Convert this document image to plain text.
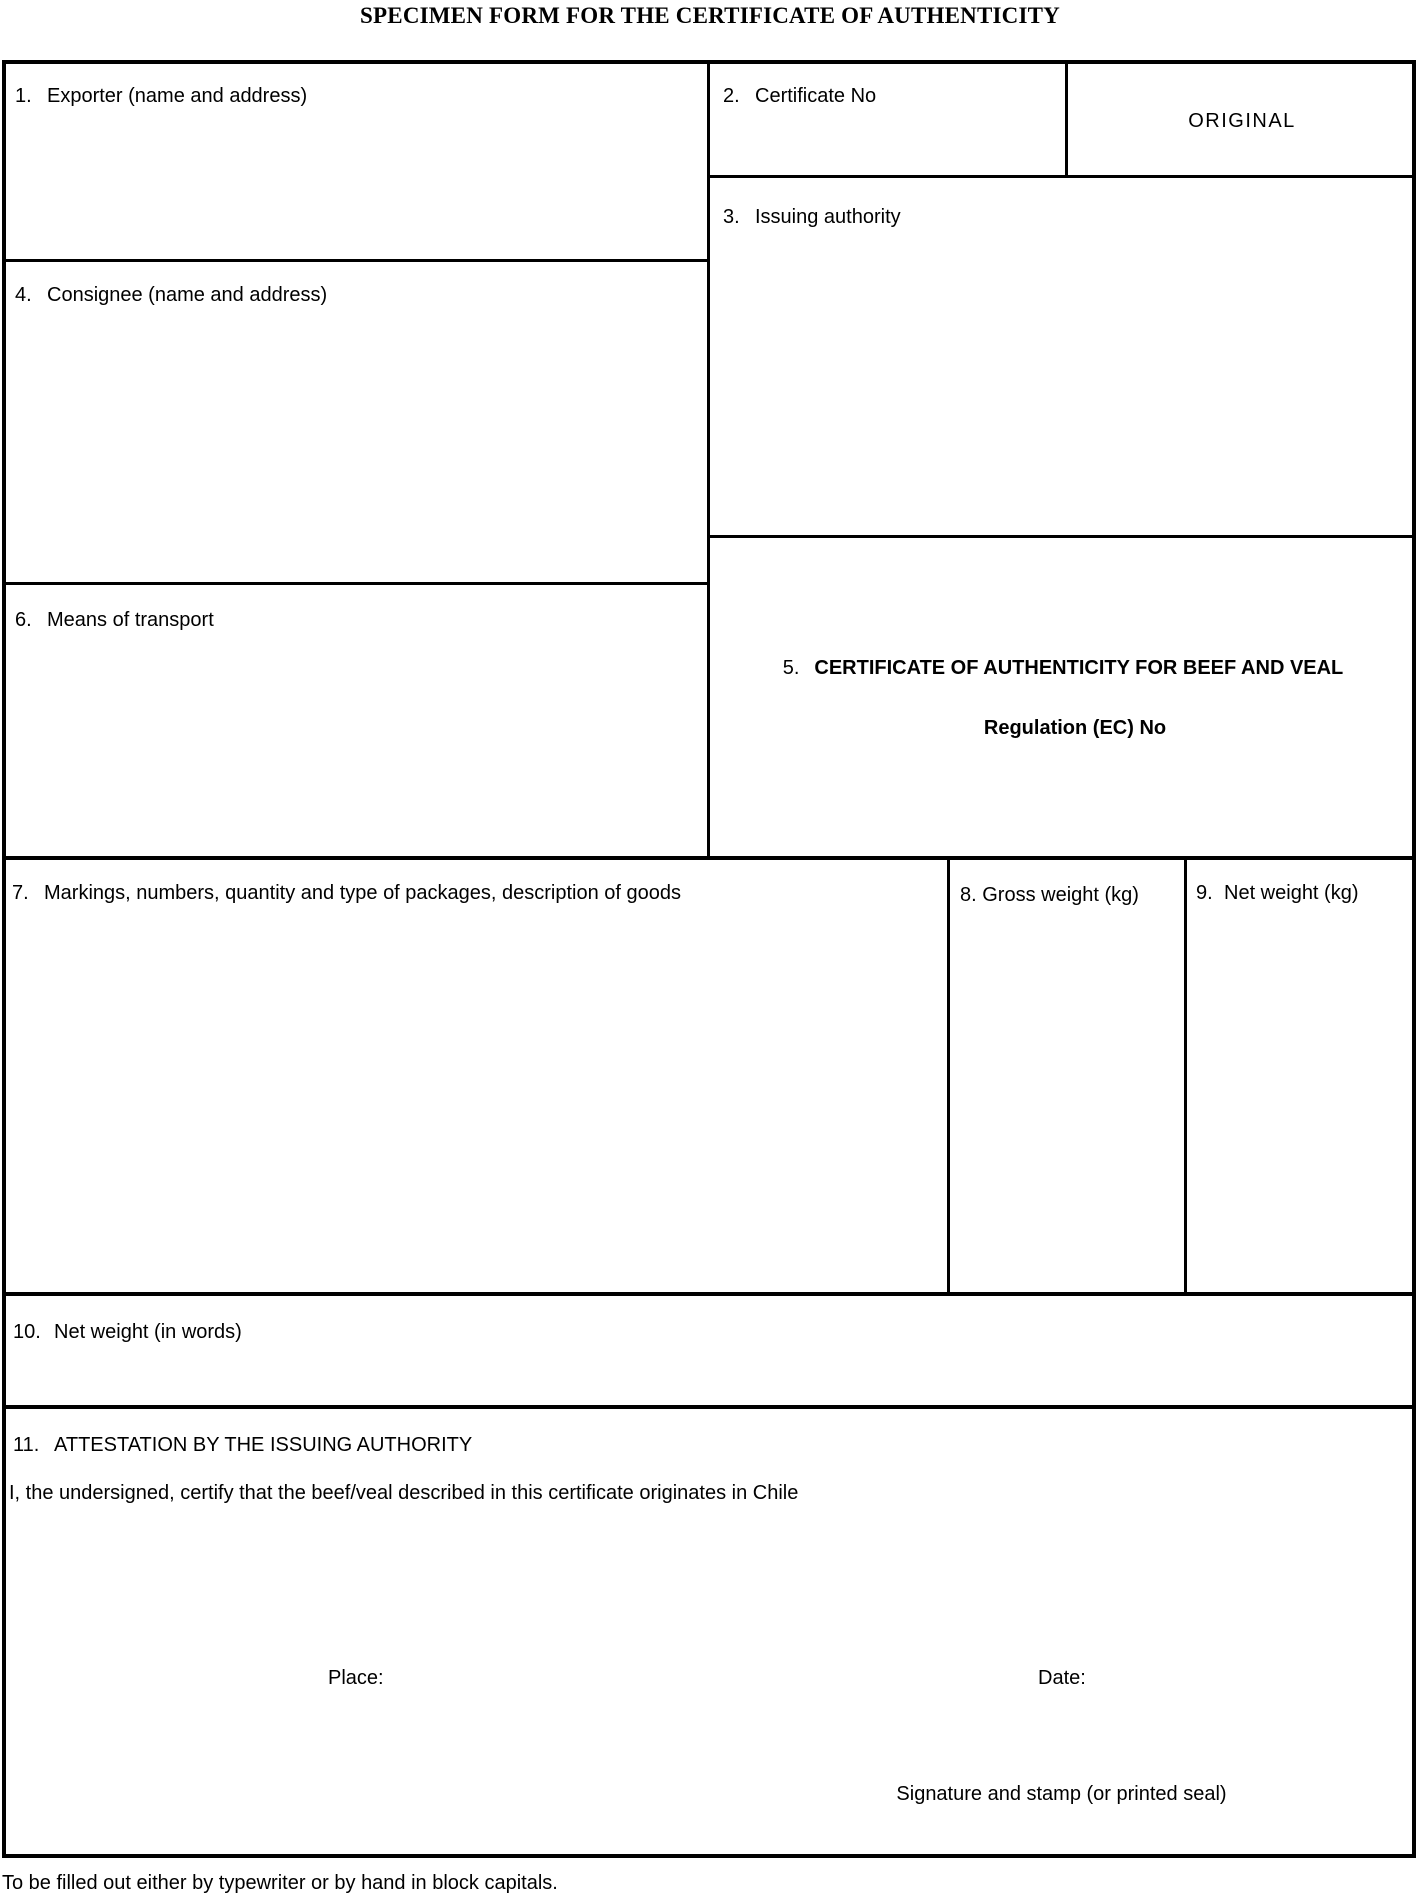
SPECIMEN FORM FOR THE CERTIFICATE OF AUTHENTICITY
1. Exporter (name and address)	2. Certificate No
ORIGINAL
3. Issuing authority
4. Consignee (name and address)
5. CERTIFICATE OF AUTHENTICITY FOR BEEF AND VEAL
Regulation (EC) No
6. Means of transport
7. Markings, numbers, quantity and type of packages, description of goods	8. Gross weight (kg)	9. Net weight (kg)
10. Net weight (in words)
11. ATTESTATION BY THE ISSUING AUTHORITY
I, the undersigned, certify that the beef/veal described in this certificate originates in Chile
Place:	Date:
Signature and stamp (or printed seal)
To be filled out either by typewriter or by hand in block capitals.
